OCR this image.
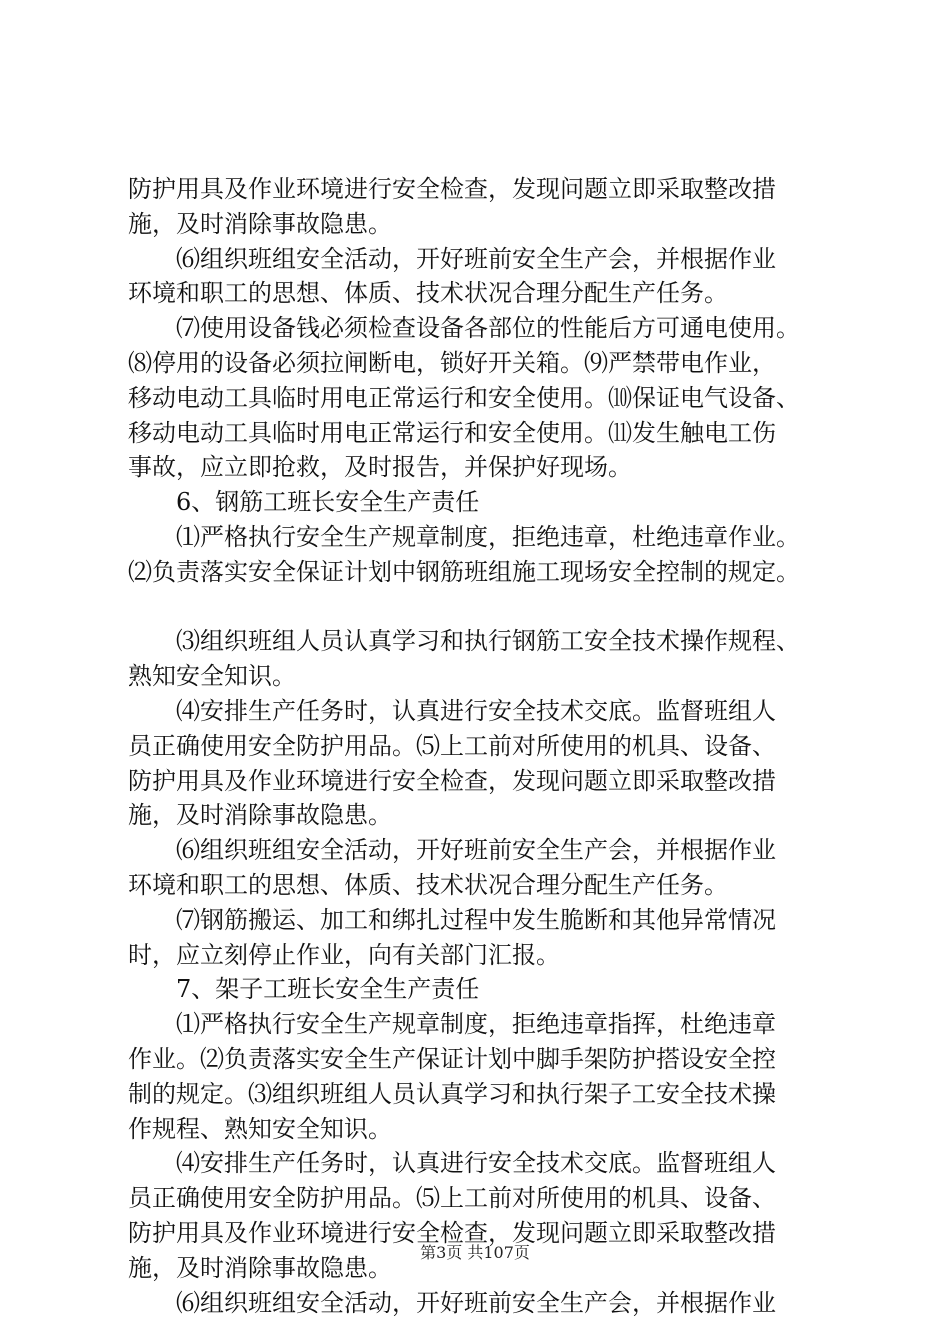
防护用具及作业环境进行安全检查，发现问题立即采取整改措
施，及时消除事故隐患。
⑹组织班组安全活动，开好班前安全生产会，并根据作业
环境和职工的思想、体质、技术状况合理分配生产任务。
⑺使用设备钱必须检查设备各部位的性能后方可通电使用。
⑻停用的设备必须拉闸断电，锁好开关箱。⑼严禁带电作业，
移动电动工具临时用电正常运行和安全使用。⑽保证电气设备、
移动电动工具临时用电正常运行和安全使用。⑾发生触电工伤
事故，应立即抢救，及时报告，并保护好现场。
6、钢筋工班长安全生产责任
⑴严格执行安全生产规章制度，拒绝违章，杜绝违章作业。
⑵负责落实安全保证计划中钢筋班组施工现场安全控制的规定。
⑶组织班组人员认真学习和执行钢筋工安全技术操作规程、
熟知安全知识。
⑷安排生产任务时，认真进行安全技术交底。监督班组人
员正确使用安全防护用品。⑸上工前对所使用的机具、设备、
防护用具及作业环境进行安全检查，发现问题立即采取整改措
施，及时消除事故隐患。
⑹组织班组安全活动，开好班前安全生产会，并根据作业
环境和职工的思想、体质、技术状况合理分配生产任务。
⑺钢筋搬运、加工和绑扎过程中发生脆断和其他异常情况
时，应立刻停止作业，向有关部门汇报。
7、架子工班长安全生产责任
⑴严格执行安全生产规章制度，拒绝违章指挥，杜绝违章
作业。⑵负责落实安全生产保证计划中脚手架防护搭设安全控
制的规定。⑶组织班组人员认真学习和执行架子工安全技术操
作规程、熟知安全知识。
⑷安排生产任务时，认真进行安全技术交底。监督班组人
员正确使用安全防护用品。⑸上工前对所使用的机具、设备、
防护用具及作业环境进行安全检查，发现问题立即采取整改措
施，及时消除事故隐患。
⑹组织班组安全活动，开好班前安全生产会，并根据作业
第3页 共107页
